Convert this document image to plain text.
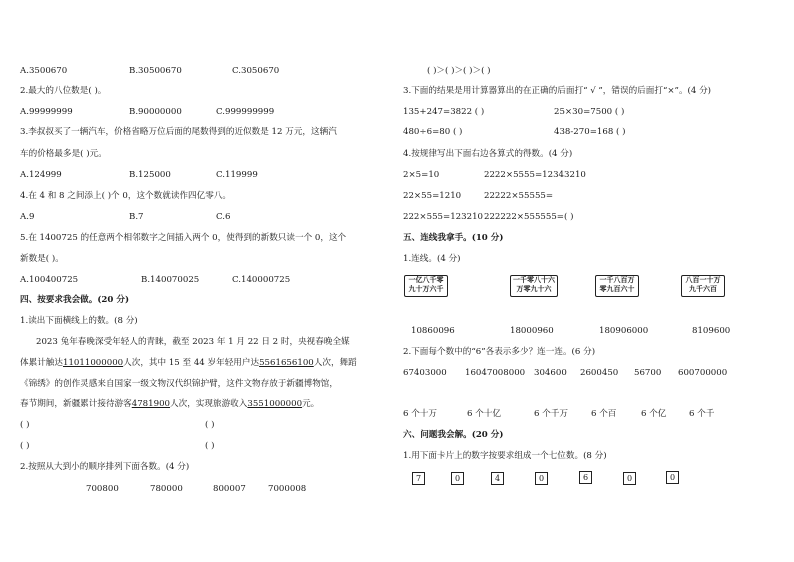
A.3500670	B.30500670	C.3050670
2.最大的八位数是( )。
A.99999999	B.90000000	C.999999999
3.李叔叔买了一辆汽车，价格省略万位后面的尾数得到的近似数是 12 万元，这辆汽
车的价格最多是( )元。
A.124999	B.125000	C.119999
4.在 4 和 8 之间添上( )个 0，这个数就读作四亿零八。
A.9	B.7	C.6
5.在 1400725 的任意两个相邻数字之间插入两个 0，使得到的新数只读一个 0，这个
新数是( )。
A.100400725	B.140070025	C.140000725
四、按要求我会做。(20 分)
1.读出下面横线上的数。(8 分)
2023 兔年春晚深受年轻人的青睐，截至 2023 年 1 月 22 日 2 时，央视春晚全媒
体累计触达11011000000人次，其中 15 至 44 岁年轻用户达5561656100人次，舞蹈
《锦绣》的创作灵感来自国家一级文物汉代织锦护臂，这件文物存放于新疆博物馆，
春节期间，新疆累计接待游客4781900人次，实现旅游收入3551000000元。
( )	( )
( )	( )
2.按照从大到小的顺序排列下面各数。(4 分)
700800	780000	800007	7000008
( )＞( )＞( )＞( )
3.下面的结果是用计算器算出的在正确的后面打“ √ ”，错误的后面打“×”。(4 分)
135+247=3822 ( )	25×30=7500 ( )
480÷6=80 ( )	438-270=168 ( )
4.按规律写出下面右边各算式的得数。(4 分)
2×5=10	2222×5555=12343210
22×55=1210	22222×55555=
222×555=123210 222222×555555=( )
五、连线我拿手。(10 分)
1.连线。(4 分)
一亿八千零
九十万六千
一千零八十六
万零九十六
一千八百万
零九百六十
八百一十万
九千六百
10860096	18000960	180906000	8109600
2.下面每个数中的“6”各表示多少？连一连。(6 分)
67403000 16047008000 304600 2600450 56700 600700000
6 个十万	6 个十亿	6 个千万	6 个百	6 个亿	6 个千
六、问题我会解。(20 分)
1.用下面卡片上的数字按要求组成一个七位数。(8 分)
7	0	4	0	6	0	0
